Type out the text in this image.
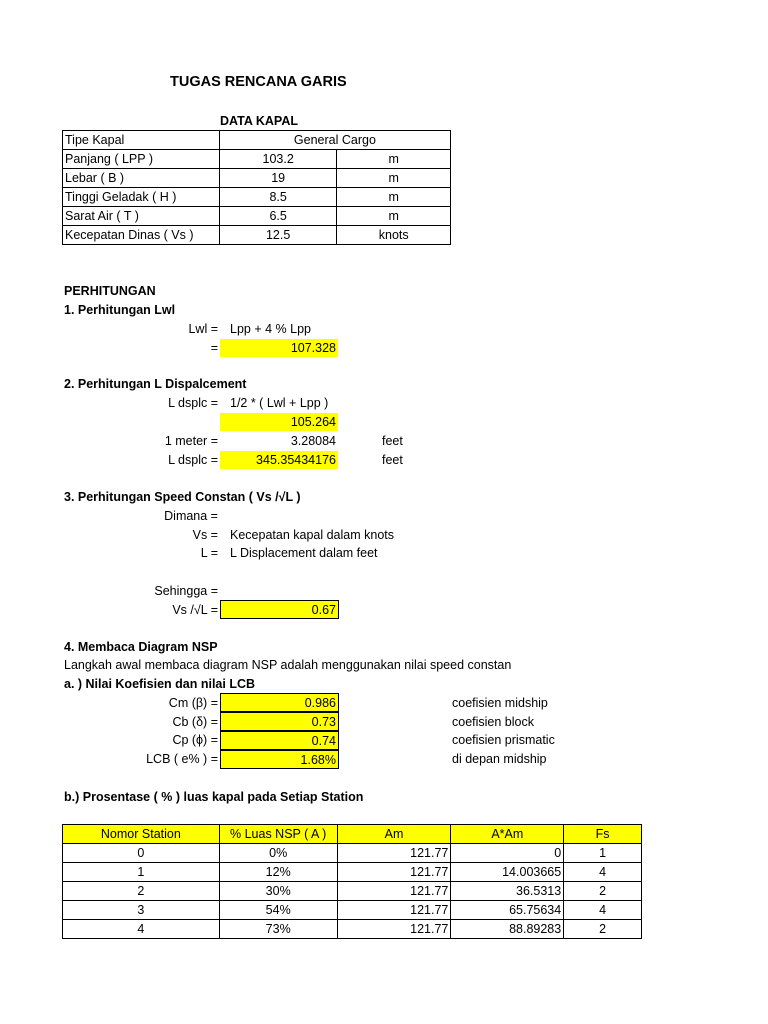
TUGAS RENCANA GARIS
DATA KAPAL
Tipe Kapal	General Cargo	
Panjang ( LPP )	103.2	m
Lebar ( B )	19	m
Tinggi Geladak ( H )	8.5	m
Sarat Air ( T )	6.5	m
Kecepatan Dinas ( Vs )	12.5	knots
PERHITUNGAN
1. Perhitungan Lwl
Lwl = Lpp + 4 % Lpp
=	107.328
2. Perhitungan L Dispalcement
L dsplc = 1/2 * ( Lwl + Lpp )
105.264
1 meter =	3.28084	feet
L dsplc =	345.35434176	feet
3. Perhitungan Speed Constan ( Vs /√L )
Dimana =
Vs = Kecepatan kapal dalam knots
L = L Displacement dalam feet
Sehingga =
Vs /√L =	0.67
4. Membaca Diagram NSP
Langkah awal membaca diagram NSP adalah menggunakan nilai speed constan
a. ) Nilai Koefisien dan nilai LCB
Cm (β) =	0.986	coefisien midship
Cb (δ) =	0.73	coefisien block
Cp (ϕ) =	0.74	coefisien prismatic
LCB ( e% ) =	1.68%	di depan midship
b.) Prosentase ( % ) luas kapal pada Setiap Station
Nomor Station	% Luas NSP ( A )	Am	A*Am	Fs
0	0%	121.77	0	1
1	12%	121.77	14.003665	4
2	30%	121.77	36.5313	2
3	54%	121.77	65.75634	4
4	73%	121.77	88.89283	2
